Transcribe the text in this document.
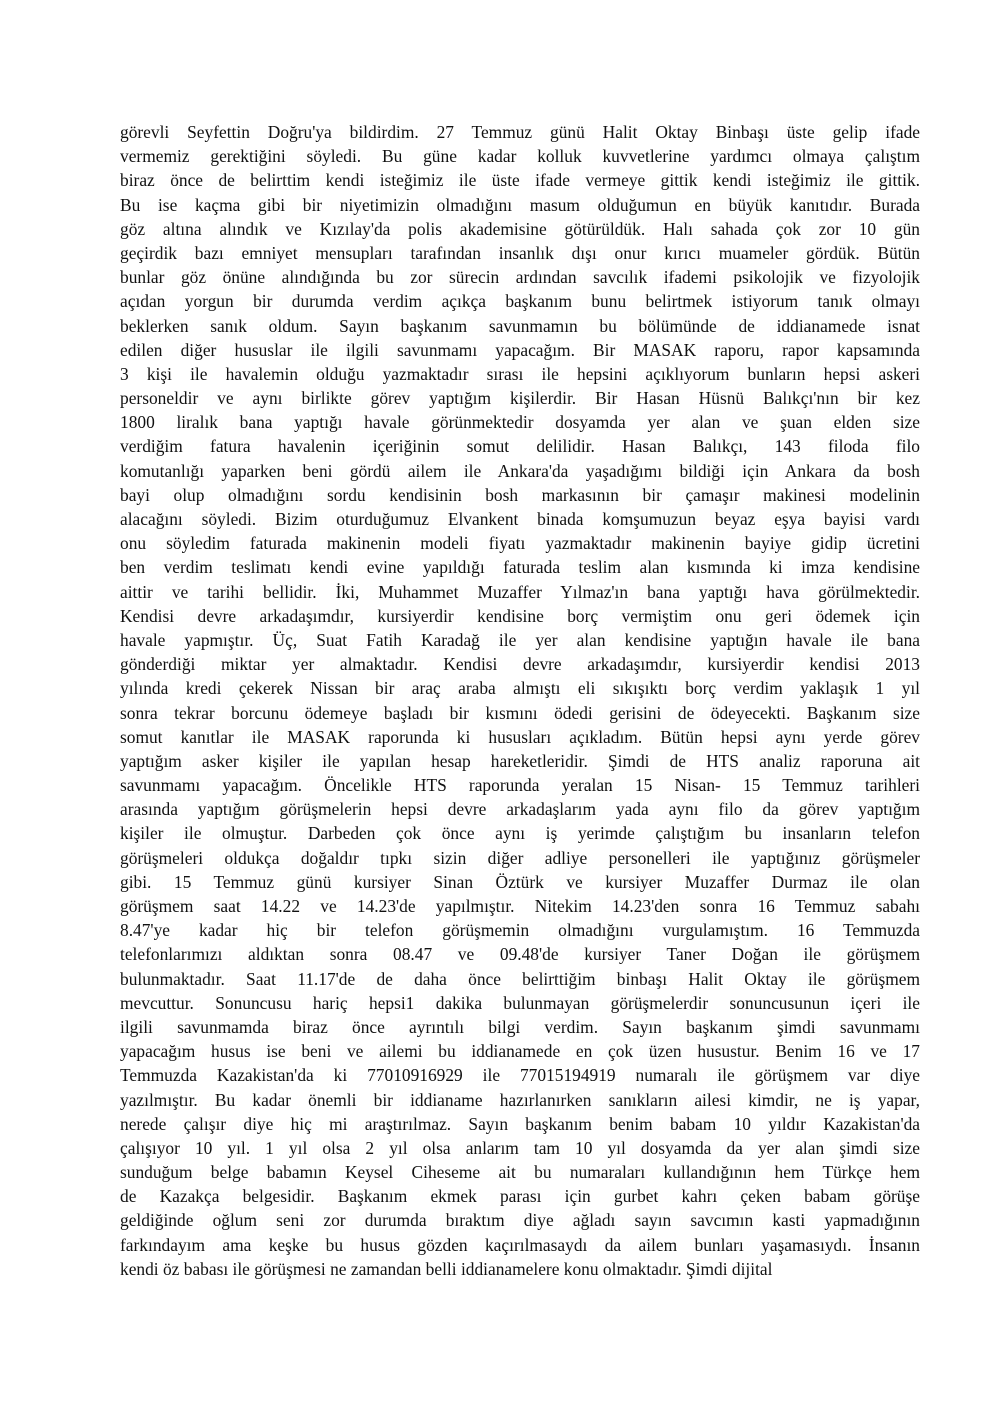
görevli Seyfettin Doğru'ya bildirdim. 27 Temmuz günü Halit Oktay Binbaşı üste gelip ifade
vermemiz gerektiğini söyledi. Bu güne kadar kolluk kuvvetlerine yardımcı olmaya çalıştım
biraz önce de belirttim kendi isteğimiz ile üste ifade vermeye gittik kendi isteğimiz ile gittik.
Bu ise kaçma gibi bir niyetimizin olmadığını masum olduğumun en büyük kanıtıdır. Burada
göz altına alındık ve Kızılay'da polis akademisine götürüldük. Halı sahada çok zor 10 gün
geçirdik bazı emniyet mensupları tarafından insanlık dışı onur kırıcı muameler gördük. Bütün
bunlar göz önüne alındığında bu zor sürecin ardından savcılık ifademi psikolojik ve fizyolojik
açıdan yorgun bir durumda verdim açıkça başkanım bunu belirtmek istiyorum tanık olmayı
beklerken sanık oldum. Sayın başkanım savunmamın bu bölümünde de iddianamede isnat
edilen diğer hususlar ile ilgili savunmamı yapacağım. Bir MASAK raporu, rapor kapsamında
3 kişi ile havalemin olduğu yazmaktadır sırası ile hepsini açıklıyorum bunların hepsi askeri
personeldir ve aynı birlikte görev yaptığım kişilerdir. Bir Hasan Hüsnü Balıkçı'nın bir kez
1800 liralık bana yaptığı havale görünmektedir dosyamda yer alan ve şuan elden size
verdiğim fatura havalenin içeriğinin somut delilidir. Hasan Balıkçı, 143 filoda filo
komutanlığı yaparken beni gördü ailem ile Ankara'da yaşadığımı bildiği için Ankara da bosh
bayi olup olmadığını sordu kendisinin bosh markasının bir çamaşır makinesi modelinin
alacağını söyledi. Bizim oturduğumuz Elvankent binada komşumuzun beyaz eşya bayisi vardı
onu söyledim faturada makinenin modeli fiyatı yazmaktadır makinenin bayiye gidip ücretini
ben verdim teslimatı kendi evine yapıldığı faturada teslim alan kısmında ki imza kendisine
aittir ve tarihi bellidir. İki, Muhammet Muzaffer Yılmaz'ın bana yaptığı hava görülmektedir.
Kendisi devre arkadaşımdır, kursiyerdir kendisine borç vermiştim onu geri ödemek için
havale yapmıştır. Üç, Suat Fatih Karadağ ile yer alan kendisine yaptığın havale ile bana
gönderdiği miktar yer almaktadır. Kendisi devre arkadaşımdır, kursiyerdir kendisi 2013
yılında kredi çekerek Nissan bir araç araba almıştı eli sıkışıktı borç verdim yaklaşık 1 yıl
sonra tekrar borcunu ödemeye başladı bir kısmını ödedi gerisini de ödeyecekti. Başkanım size
somut kanıtlar ile MASAK raporunda ki hususları açıkladım. Bütün hepsi aynı yerde görev
yaptığım asker kişiler ile yapılan hesap hareketleridir. Şimdi de HTS analiz raporuna ait
savunmamı yapacağım. Öncelikle HTS raporunda yeralan 15 Nisan- 15 Temmuz tarihleri
arasında yaptığım görüşmelerin hepsi devre arkadaşlarım yada aynı filo da görev yaptığım
kişiler ile olmuştur. Darbeden çok önce aynı iş yerimde çalıştığım bu insanların telefon
görüşmeleri oldukça doğaldır tıpkı sizin diğer adliye personelleri ile yaptığınız görüşmeler
gibi. 15 Temmuz günü kursiyer Sinan Öztürk ve kursiyer Muzaffer Durmaz ile olan
görüşmem saat 14.22 ve 14.23'de yapılmıştır. Nitekim 14.23'den sonra 16 Temmuz sabahı
8.47'ye kadar hiç bir telefon görüşmemin olmadığını vurgulamıştım. 16 Temmuzda
telefonlarımızı aldıktan sonra 08.47 ve 09.48'de kursiyer Taner Doğan ile görüşmem
bulunmaktadır. Saat 11.17'de de daha önce belirttiğim binbaşı Halit Oktay ile görüşmem
mevcuttur. Sonuncusu hariç hepsi1 dakika bulunmayan görüşmelerdir sonuncusunun içeri ile
ilgili savunmamda biraz önce ayrıntılı bilgi verdim. Sayın başkanım şimdi savunmamı
yapacağım husus ise beni ve ailemi bu iddianamede en çok üzen husustur. Benim 16 ve 17
Temmuzda Kazakistan'da ki 77010916929 ile 77015194919 numaralı ile görüşmem var diye
yazılmıştır. Bu kadar önemli bir iddianame hazırlanırken sanıkların ailesi kimdir, ne iş yapar,
nerede çalışır diye hiç mi araştırılmaz. Sayın başkanım benim babam 10 yıldır Kazakistan'da
çalışıyor 10 yıl. 1 yıl olsa 2 yıl olsa anlarım tam 10 yıl dosyamda da yer alan şimdi size
sunduğum belge babamın Keysel Ciheseme ait bu numaraları kullandığının hem Türkçe hem
de Kazakça belgesidir. Başkanım ekmek parası için gurbet kahrı çeken babam görüşe
geldiğinde oğlum seni zor durumda bıraktım diye ağladı sayın savcımın kasti yapmadığının
farkındayım ama keşke bu husus gözden kaçırılmasaydı da ailem bunları yaşamasıydı. İnsanın
kendi öz babası ile görüşmesi ne zamandan belli iddianamelere konu olmaktadır. Şimdi dijital
